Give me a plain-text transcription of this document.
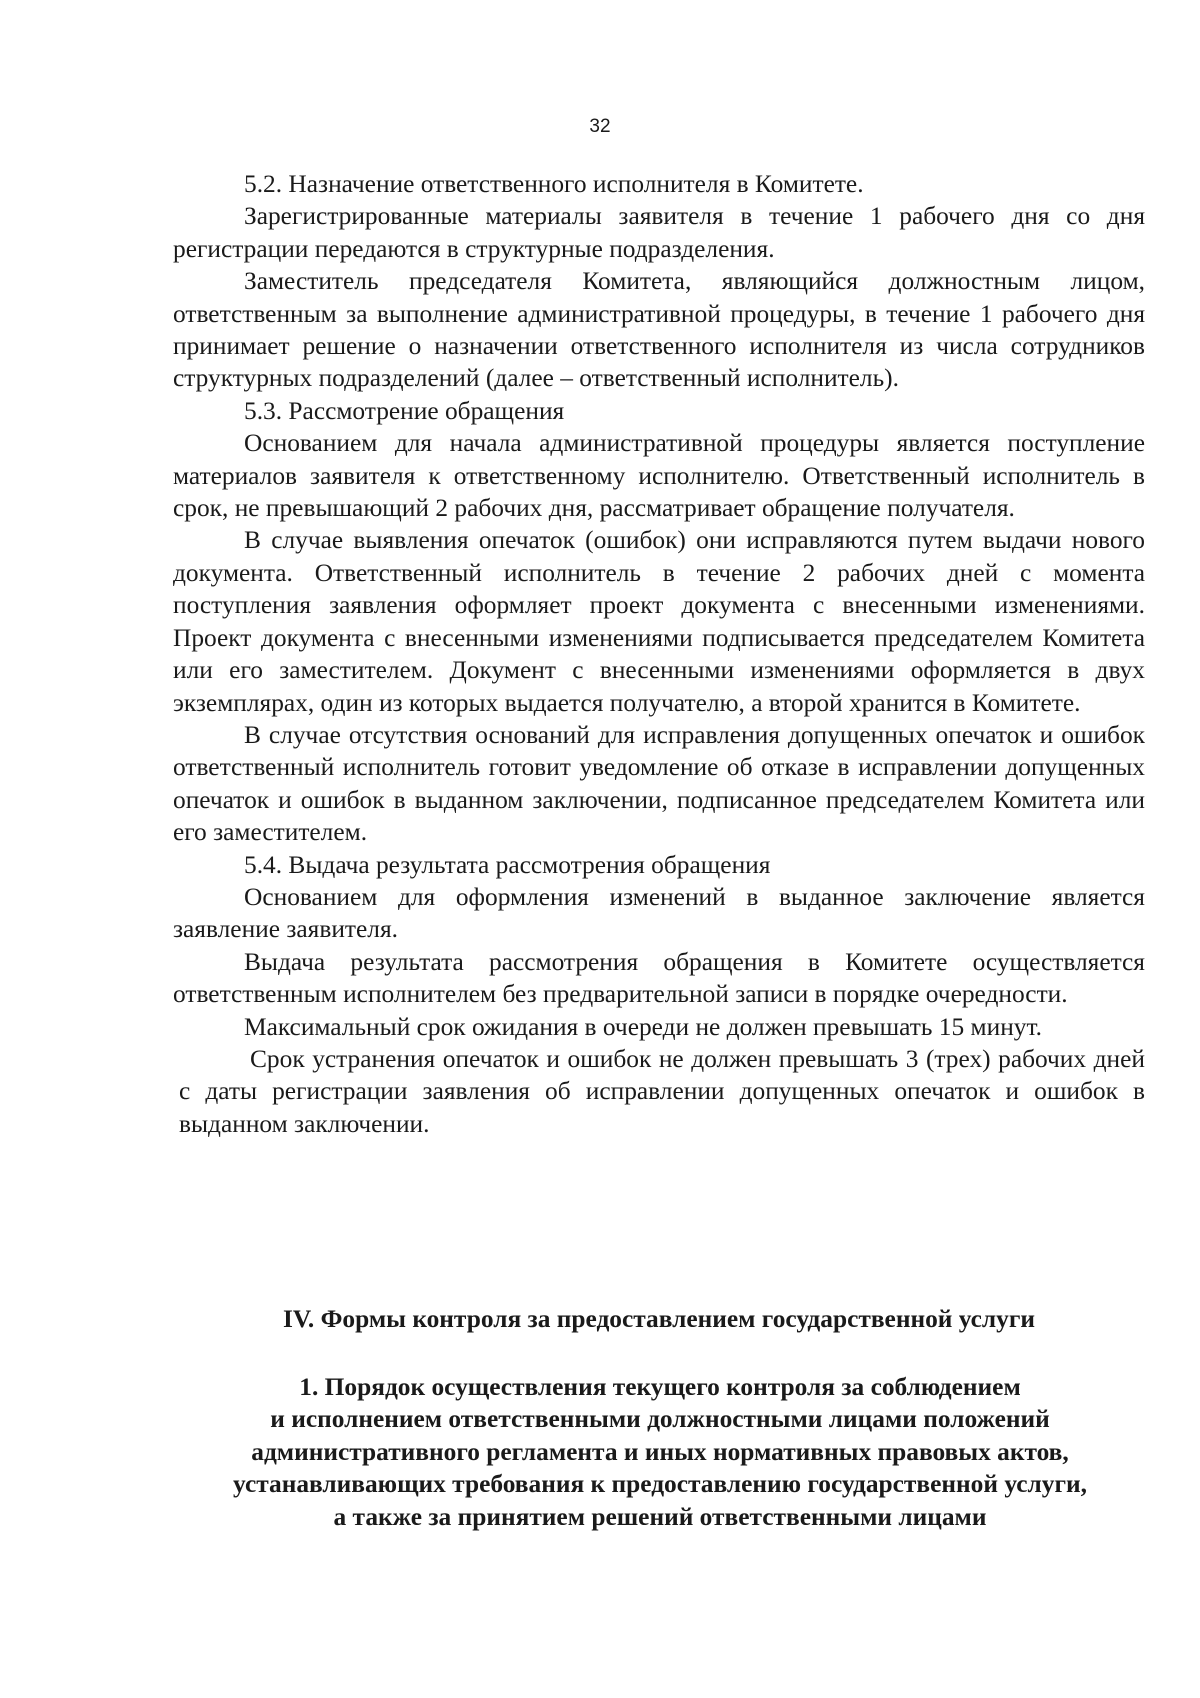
32

5.2. Назначение ответственного исполнителя в Комитете.

Зарегистрированные материалы заявителя в течение 1 рабочего дня со дня регистрации передаются в структурные подразделения.

Заместитель председателя Комитета, являющийся должностным лицом, ответственным за выполнение административной процедуры, в течение 1 рабочего дня принимает решение о назначении ответственного исполнителя из числа сотрудников структурных подразделений (далее – ответственный исполнитель).

5.3. Рассмотрение обращения

Основанием для начала административной процедуры является поступление материалов заявителя к ответственному исполнителю. Ответственный исполнитель в срок, не превышающий 2 рабочих дня, рассматривает обращение получателя.

В случае выявления опечаток (ошибок) они исправляются путем выдачи нового документа. Ответственный исполнитель в течение 2 рабочих дней с момента поступления заявления оформляет проект документа с внесенными изменениями. Проект документа с внесенными изменениями подписывается председателем Комитета или его заместителем. Документ с внесенными изменениями оформляется в двух экземплярах, один из которых выдается получателю, а второй хранится в Комитете.

В случае отсутствия оснований для исправления допущенных опечаток и ошибок ответственный исполнитель готовит уведомление об отказе в исправлении допущенных опечаток и ошибок в выданном заключении, подписанное председателем Комитета или его заместителем.

5.4. Выдача результата рассмотрения обращения

Основанием для оформления изменений в выданное заключение является заявление заявителя.

Выдача результата рассмотрения обращения в Комитете осуществляется ответственным исполнителем без предварительной записи в порядке очередности.

Максимальный срок ожидания в очереди не должен превышать 15 минут.

Срок устранения опечаток и ошибок не должен превышать 3 (трех) рабочих дней с даты регистрации заявления об исправлении допущенных опечаток и ошибок в выданном заключении.

IV. Формы контроля за предоставлением государственной услуги
1. Порядок осуществления текущего контроля за соблюдением
и исполнением ответственными должностными лицами положений
административного регламента и иных нормативных правовых актов,
устанавливающих требования к предоставлению государственной услуги,
а также за принятием решений ответственными лицами
